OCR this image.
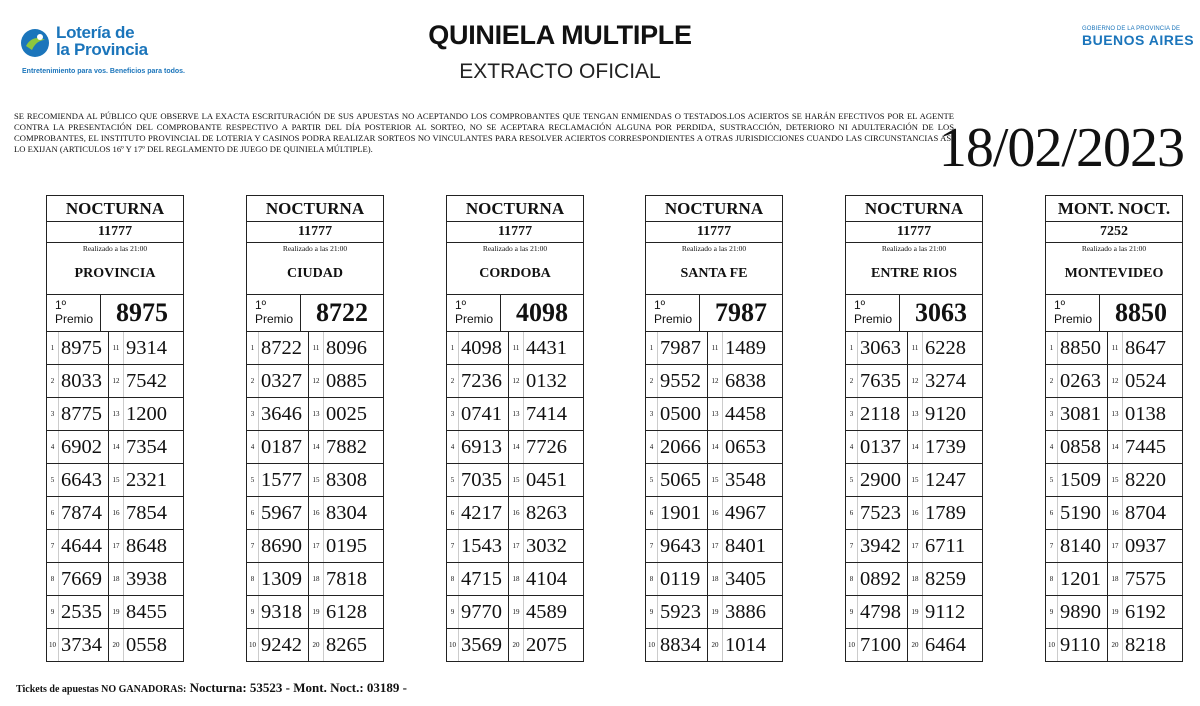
Lotería de
la Provincia
Entretenimiento para vos. Beneficios para todos.
QUINIELA MULTIPLE
EXTRACTO OFICIAL
GOBIERNO DE LA PROVINCIA DE
BUENOS AIRES
SE RECOMIENDA AL PÚBLICO QUE OBSERVE LA EXACTA ESCRITURACIÓN DE SUS APUESTAS NO ACEPTANDO LOS COMPROBANTES QUE TENGAN ENMIENDAS O TESTADOS.LOS ACIERTOS SE HARÁN EFECTIVOS POR EL AGENTE CONTRA LA PRESENTACIÓN DEL COMPROBANTE RESPECTIVO A PARTIR DEL DÍA POSTERIOR AL SORTEO, NO SE ACEPTARA RECLAMACIÓN ALGUNA POR PERDIDA, SUSTRACCIÓN, DETERIORO NI ADULTERACIÓN DE LOS COMPROBANTES, EL INSTITUTO PROVINCIAL DE LOTERIA Y CASINOS PODRA REALIZAR SORTEOS NO VINCULANTES PARA RESOLVER ACIERTOS CORRESPONDIENTES A OTRAS JURISDICCIONES CUANDO LAS CIRCUNSTANCIAS ASI LO EXIJAN (ARTICULOS 16º Y 17º DEL REGLAMENTO DE JUEGO DE QUINIELA MÚLTIPLE).	18/02/2023
NOCTURNA
11777
Realizado a las 21:00
PROVINCIA
1º Premio 8975
1 8975	11 9314
2 8033	12 7542
3 8775	13 1200
4 6902	14 7354
5 6643	15 2321
6 7874	16 7854
7 4644	17 8648
8 7669	18 3938
9 2535	19 8455
10 3734	20 0558
NOCTURNA
11777
Realizado a las 21:00
CIUDAD
1º Premio 8722
1 8722	11 8096
2 0327	12 0885
3 3646	13 0025
4 0187	14 7882
5 1577	15 8308
6 5967	16 8304
7 8690	17 0195
8 1309	18 7818
9 9318	19 6128
10 9242	20 8265
NOCTURNA
11777
Realizado a las 21:00
CORDOBA
1º Premio 4098
1 4098	11 4431
2 7236	12 0132
3 0741	13 7414
4 6913	14 7726
5 7035	15 0451
6 4217	16 8263
7 1543	17 3032
8 4715	18 4104
9 9770	19 4589
10 3569	20 2075
NOCTURNA
11777
Realizado a las 21:00
SANTA FE
1º Premio 7987
1 7987	11 1489
2 9552	12 6838
3 0500	13 4458
4 2066	14 0653
5 5065	15 3548
6 1901	16 4967
7 9643	17 8401
8 0119	18 3405
9 5923	19 3886
10 8834	20 1014
NOCTURNA
11777
Realizado a las 21:00
ENTRE RIOS
1º Premio 3063
1 3063	11 6228
2 7635	12 3274
3 2118	13 9120
4 0137	14 1739
5 2900	15 1247
6 7523	16 1789
7 3942	17 6711
8 0892	18 8259
9 4798	19 9112
10 7100	20 6464
MONT. NOCT.
7252
Realizado a las 21:00
MONTEVIDEO
1º Premio 8850
1 8850	11 8647
2 0263	12 0524
3 3081	13 0138
4 0858	14 7445
5 1509	15 8220
6 5190	16 8704
7 8140	17 0937
8 1201	18 7575
9 9890	19 6192
10 9110	20 8218
Tickets de apuestas NO GANADORAS: Nocturna: 53523 - Mont. Noct.: 03189 -
